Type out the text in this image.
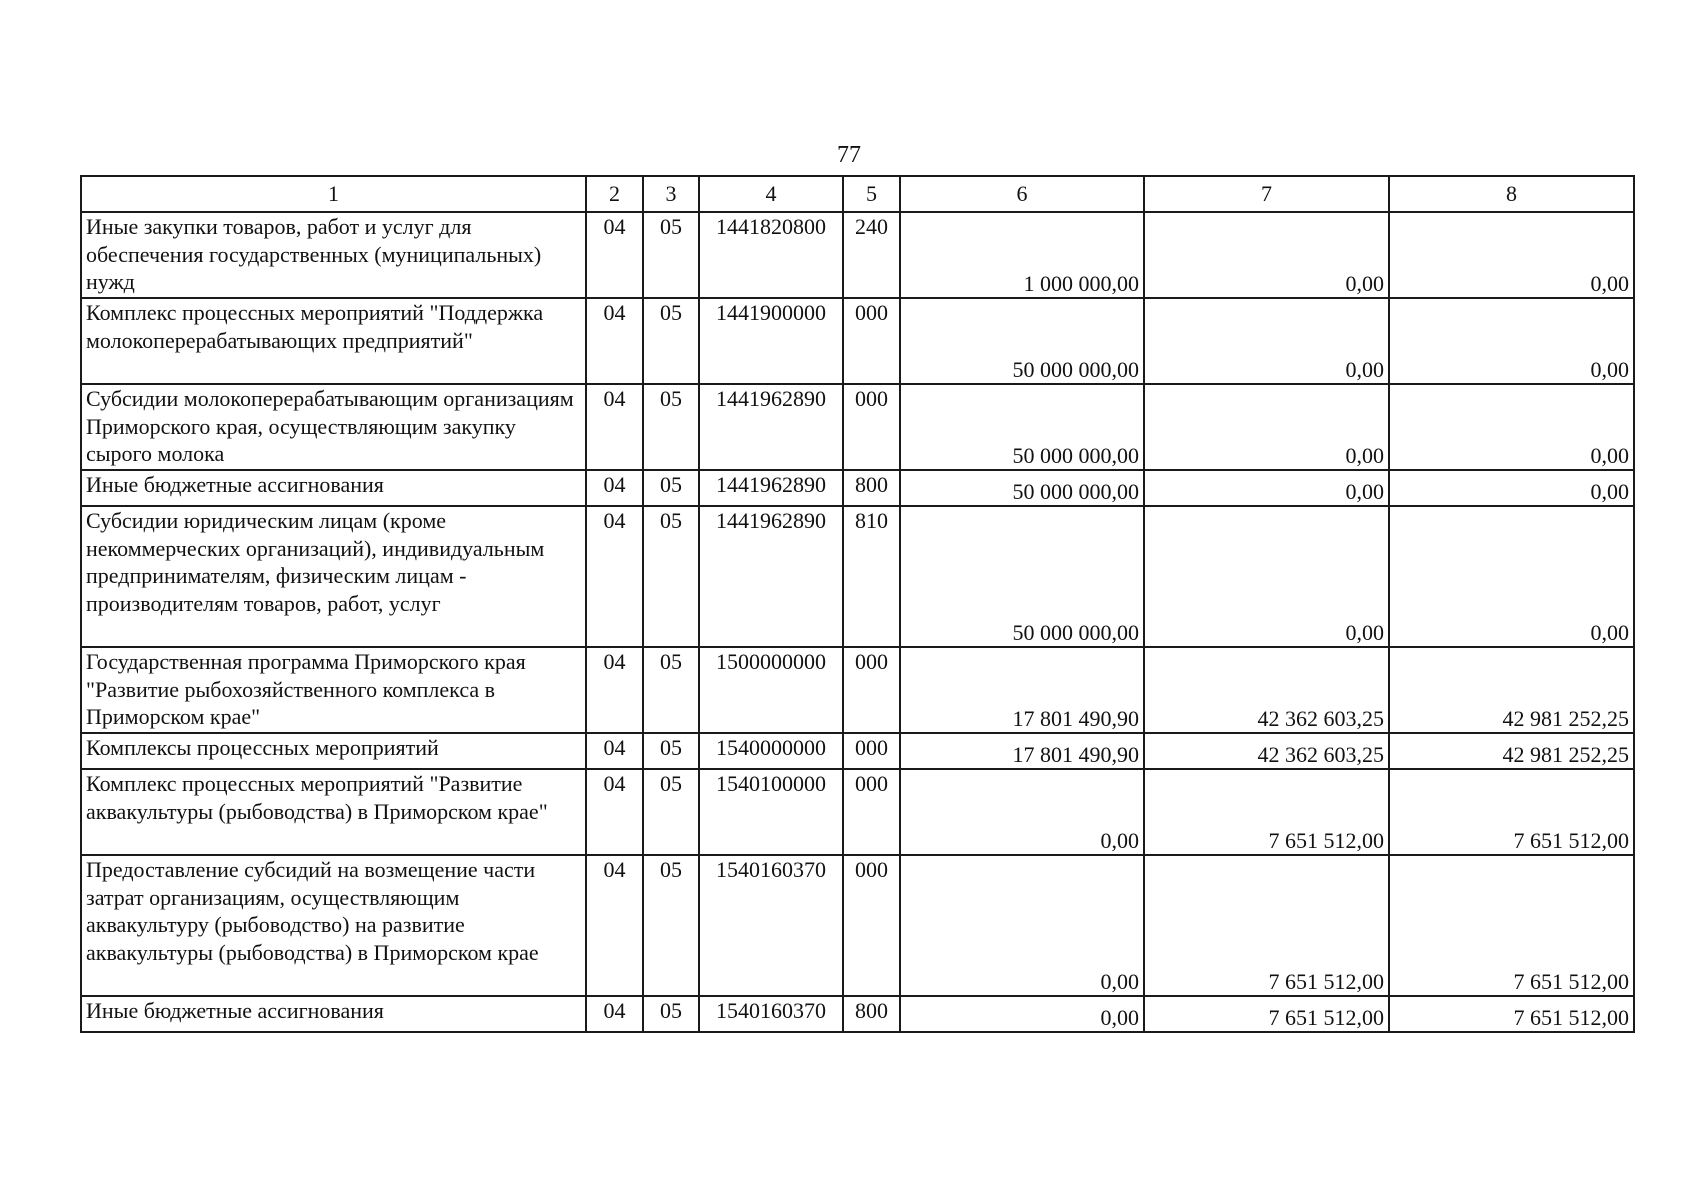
77
1	2	3	4	5	6	7	8
Иные закупки товаров, работ и услуг для обеспечения государственных (муниципальных) нужд	04	05	1441820800	240	1 000 000,00	0,00	0,00
Комплекс процессных мероприятий "Поддержка молокоперерабатывающих предприятий"	04	05	1441900000	000	50 000 000,00	0,00	0,00
Субсидии молокоперерабатывающим организациям Приморского края, осуществляющим закупку сырого молока	04	05	1441962890	000	50 000 000,00	0,00	0,00
Иные бюджетные ассигнования	04	05	1441962890	800	50 000 000,00	0,00	0,00
Субсидии юридическим лицам (кроме некоммерческих организаций), индивидуальным предпринимателям, физическим лицам - производителям товаров, работ, услуг	04	05	1441962890	810	50 000 000,00	0,00	0,00
Государственная программа Приморского края "Развитие рыбохозяйственного комплекса в Приморском крае"	04	05	1500000000	000	17 801 490,90	42 362 603,25	42 981 252,25
Комплексы процессных мероприятий	04	05	1540000000	000	17 801 490,90	42 362 603,25	42 981 252,25
Комплекс процессных мероприятий "Развитие аквакультуры (рыбоводства) в Приморском крае"	04	05	1540100000	000	0,00	7 651 512,00	7 651 512,00
Предоставление субсидий на возмещение части затрат организациям, осуществляющим аквакультуру (рыбоводство) на развитие аквакультуры (рыбоводства) в Приморском крае	04	05	1540160370	000	0,00	7 651 512,00	7 651 512,00
Иные бюджетные ассигнования	04	05	1540160370	800	0,00	7 651 512,00	7 651 512,00
